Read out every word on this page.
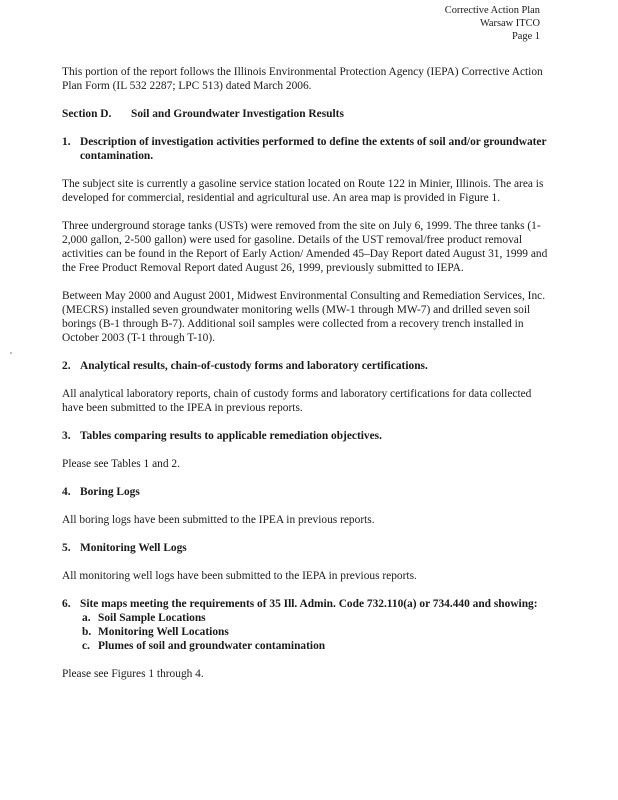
Corrective Action Plan
Warsaw ITCO
Page 1

This portion of the report follows the Illinois Environmental Protection Agency (IEPA) Corrective Action Plan Form (IL 532 2287; LPC 513) dated March 2006.

Section D. Soil and Groundwater Investigation Results
1. Description of investigation activities performed to define the extents of soil and/or groundwater contamination.

The subject site is currently a gasoline service station located on Route 122 in Minier, Illinois. The area is developed for commercial, residential and agricultural use. An area map is provided in Figure 1.

Three underground storage tanks (USTs) were removed from the site on July 6, 1999. The three tanks (1-2,000 gallon, 2-500 gallon) were used for gasoline. Details of the UST removal/free product removal activities can be found in the Report of Early Action/ Amended 45–Day Report dated August 31, 1999 and the Free Product Removal Report dated August 26, 1999, previously submitted to IEPA.

Between May 2000 and August 2001, Midwest Environmental Consulting and Remediation Services, Inc. (MECRS) installed seven groundwater monitoring wells (MW-1 through MW-7) and drilled seven soil borings (B-1 through B-7). Additional soil samples were collected from a recovery trench installed in October 2003 (T-1 through T-10).

2. Analytical results, chain-of-custody forms and laboratory certifications.

All analytical laboratory reports, chain of custody forms and laboratory certifications for data collected have been submitted to the IPEA in previous reports.

3. Tables comparing results to applicable remediation objectives.

Please see Tables 1 and 2.

4. Boring Logs

All boring logs have been submitted to the IPEA in previous reports.

5. Monitoring Well Logs

All monitoring well logs have been submitted to the IEPA in previous reports.

6. Site maps meeting the requirements of 35 Ill. Admin. Code 732.110(a) or 734.440 and showing:
a. Soil Sample Locations
b. Monitoring Well Locations
c. Plumes of soil and groundwater contamination

Please see Figures 1 through 4.
